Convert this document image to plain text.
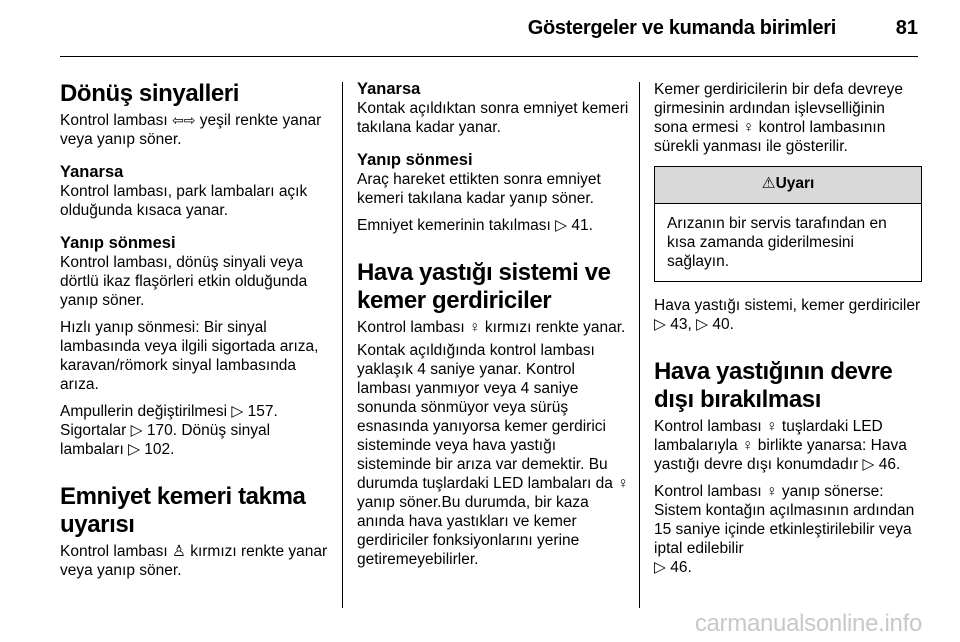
Göstergeler ve kumanda birimleri	81
Dönüş sinyalleri

Kontrol lambası ⇦⇨ yeşil renkte yanar veya yanıp söner.

Yanarsa

Kontrol lambası, park lambaları açık olduğunda kısaca yanar.

Yanıp sönmesi

Kontrol lambası, dönüş sinyali veya dörtlü ikaz flaşörleri etkin olduğunda yanıp söner.

Hızlı yanıp sönmesi: Bir sinyal lambasında veya ilgili sigortada arıza, karavan/römork sinyal lambasında arıza.

Ampullerin değiştirilmesi ▷ 157.
Sigortalar ▷ 170. Dönüş sinyal lambaları ▷ 102.

Emniyet kemeri takma uyarısı

Kontrol lambası ♙ kırmızı renkte yanar veya yanıp söner.

Yanarsa

Kontak açıldıktan sonra emniyet kemeri takılana kadar yanar.

Yanıp sönmesi

Araç hareket ettikten sonra emniyet kemeri takılana kadar yanıp söner.

Emniyet kemerinin takılması ▷ 41.

Hava yastığı sistemi ve kemer gerdiriciler

Kontrol lambası ♀ kırmızı renkte yanar.

Kontak açıldığında kontrol lambası yaklaşık 4 saniye yanar. Kontrol lambası yanmıyor veya 4 saniye sonunda sönmüyor veya sürüş esnasında yanıyorsa kemer gerdirici sisteminde veya hava yastığı sisteminde bir arıza var demektir. Bu durumda tuşlardaki LED lambaları da ♀ yanıp söner.Bu durumda, bir kaza anında hava yastıkları ve kemer gerdiriciler fonksiyonlarını yerine getiremeyebilirler.

Kemer gerdiricilerin bir defa devreye girmesinin ardından işlevselliğinin sona ermesi ♀ kontrol lambasının sürekli yanması ile gösterilir.

⚠Uyarı
Arızanın bir servis tarafından en kısa zamanda giderilmesini sağlayın.

Hava yastığı sistemi, kemer gerdiriciler ▷ 43, ▷ 40.

Hava yastığının devre dışı bırakılması

Kontrol lambası ♀ tuşlardaki LED lambalarıyla ♀ birlikte yanarsa: Hava yastığı devre dışı konumdadır ▷ 46.

Kontrol lambası ♀ yanıp sönerse: Sistem kontağın açılmasının ardından 15 saniye içinde etkinleştirilebilir veya iptal edilebilir
▷ 46.

carmanualsonline.info
